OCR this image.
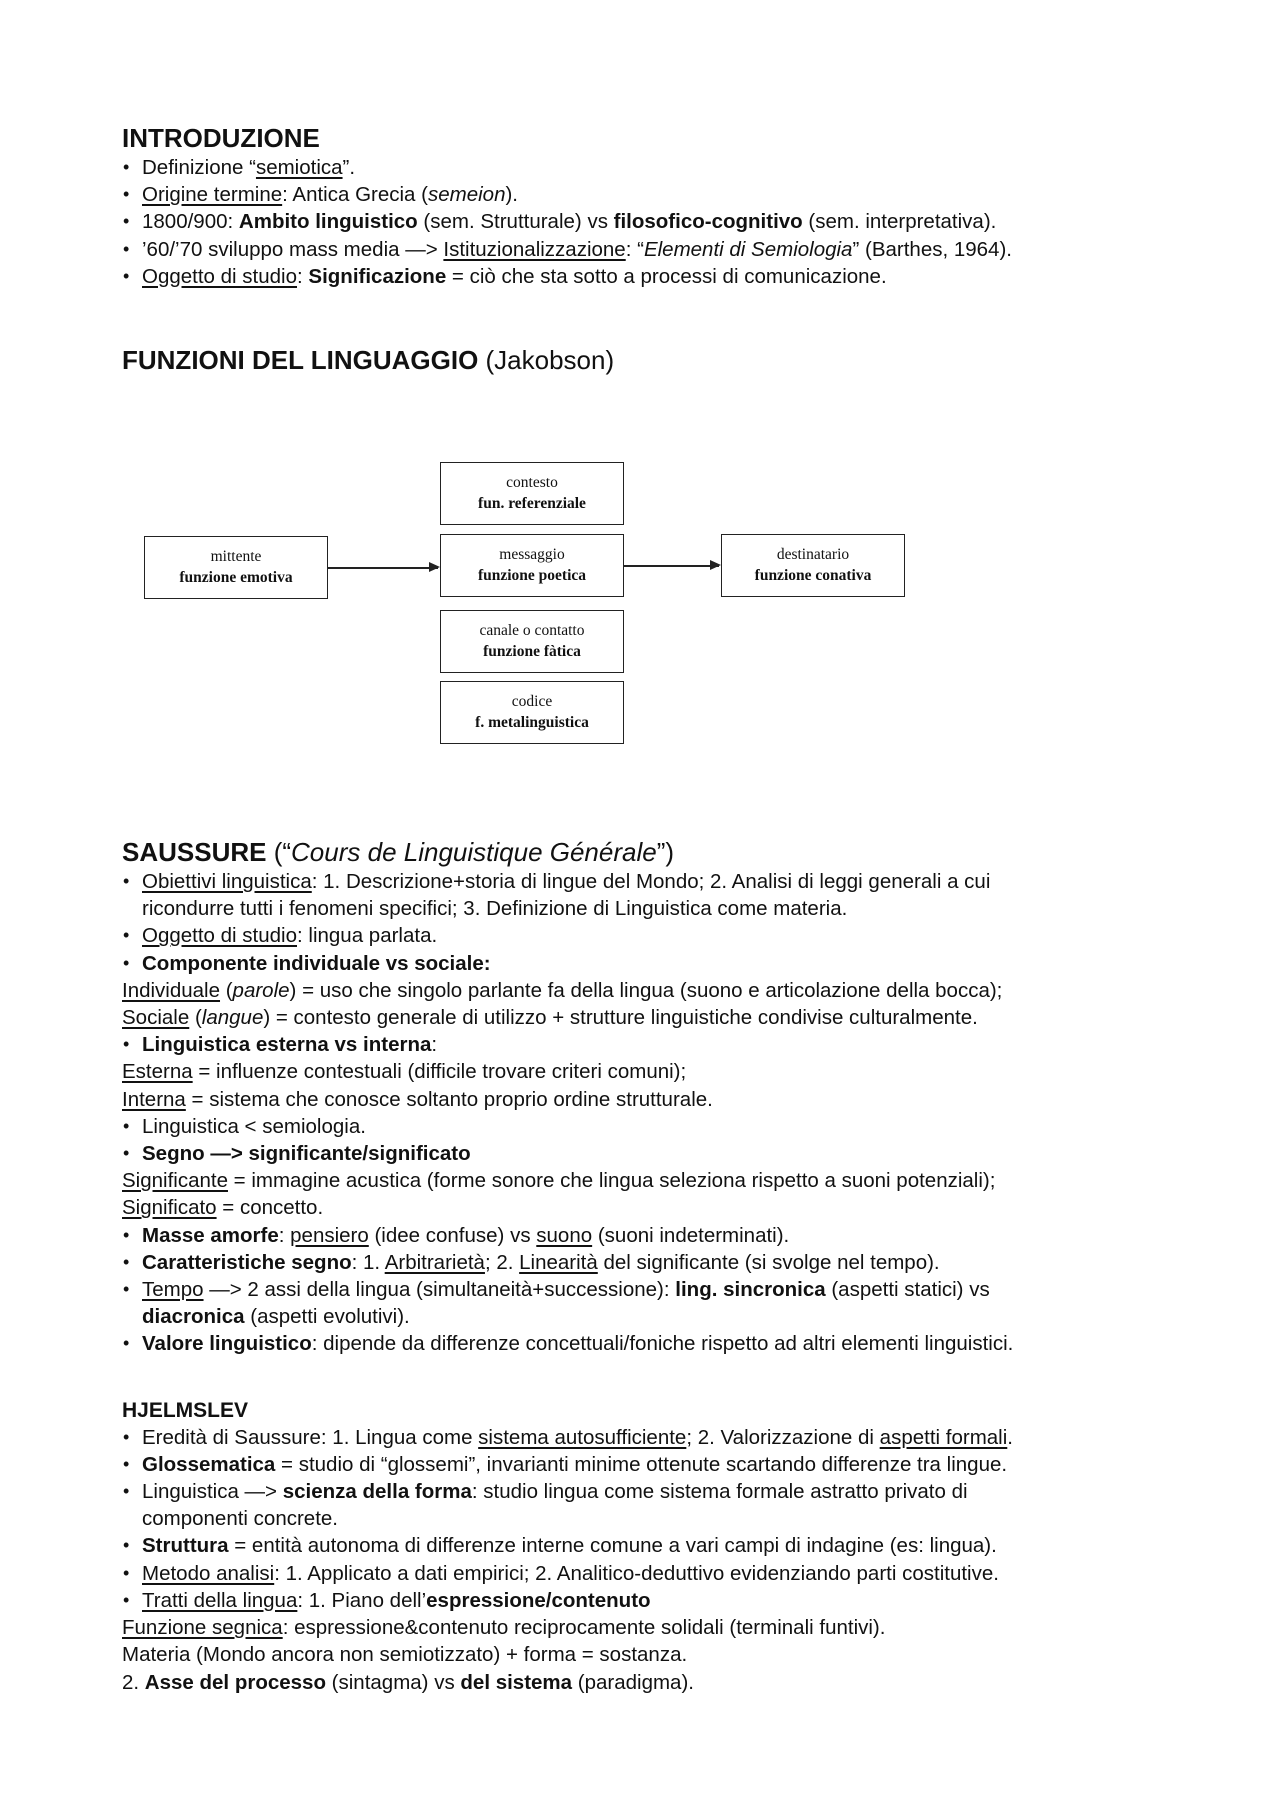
INTRODUZIONE
• Definizione “semiotica”.
• Origine termine: Antica Grecia (semeion).
• 1800/900: Ambito linguistico (sem. Strutturale) vs filosofico-cognitivo (sem. interpretativa).
• ’60/’70 sviluppo mass media —> Istituzionalizzazione: “Elementi di Semiologia” (Barthes, 1964).
• Oggetto di studio: Significazione = ciò che sta sotto a processi di comunicazione.
FUNZIONI DEL LINGUAGGIO (Jakobson)
contesto
fun. referenziale
mittente
funzione emotiva
messaggio
funzione poetica
destinatario
funzione conativa
canale o contatto
funzione fàtica
codice
f. metalinguistica
SAUSSURE (“Cours de Linguistique Générale”)
• Obiettivi linguistica: 1. Descrizione+storia di lingue del Mondo; 2. Analisi di leggi generali a cui
ricondurre tutti i fenomeni specifici; 3. Definizione di Linguistica come materia.
• Oggetto di studio: lingua parlata.
• Componente individuale vs sociale:
Individuale (parole) = uso che singolo parlante fa della lingua (suono e articolazione della bocca);
Sociale (langue) = contesto generale di utilizzo + strutture linguistiche condivise culturalmente.
• Linguistica esterna vs interna:
Esterna = influenze contestuali (difficile trovare criteri comuni);
Interna = sistema che conosce soltanto proprio ordine strutturale.
• Linguistica < semiologia.
• Segno —> significante/significato
Significante = immagine acustica (forme sonore che lingua seleziona rispetto a suoni potenziali);
Significato = concetto.
• Masse amorfe: pensiero (idee confuse) vs suono (suoni indeterminati).
• Caratteristiche segno: 1. Arbitrarietà; 2. Linearità del significante (si svolge nel tempo).
• Tempo —> 2 assi della lingua (simultaneità+successione): ling. sincronica (aspetti statici) vs
diacronica (aspetti evolutivi).
• Valore linguistico: dipende da differenze concettuali/foniche rispetto ad altri elementi linguistici.
HJELMSLEV
• Eredità di Saussure: 1. Lingua come sistema autosufficiente; 2. Valorizzazione di aspetti formali.
• Glossematica = studio di “glossemi”, invarianti minime ottenute scartando differenze tra lingue.
• Linguistica —> scienza della forma: studio lingua come sistema formale astratto privato di
componenti concrete.
• Struttura = entità autonoma di differenze interne comune a vari campi di indagine (es: lingua).
• Metodo analisi: 1. Applicato a dati empirici; 2. Analitico-deduttivo evidenziando parti costitutive.
• Tratti della lingua: 1. Piano dell’espressione/contenuto
Funzione segnica: espressione&contenuto reciprocamente solidali (terminali funtivi).
Materia (Mondo ancora non semiotizzato) + forma = sostanza.
2. Asse del processo (sintagma) vs del sistema (paradigma).
